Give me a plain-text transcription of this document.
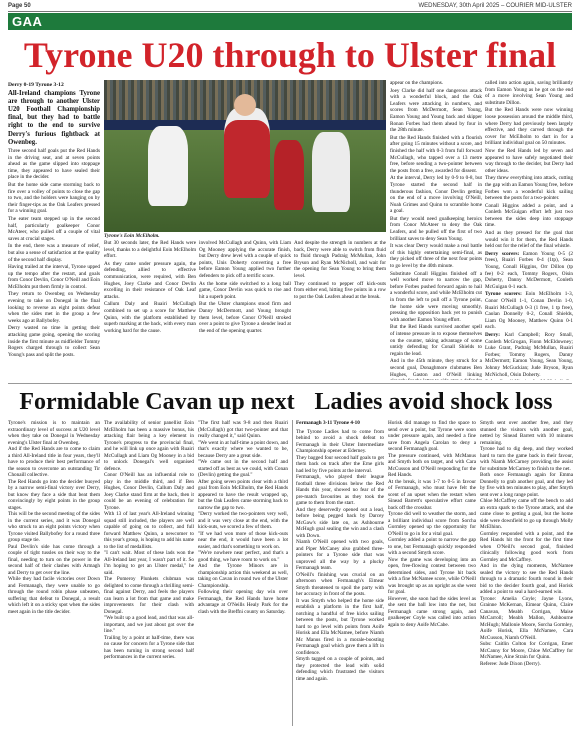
Page 50	WEDNESDAY, 30th April 2025 – COURIER MID-ULSTER
GAA
Tyrone U20 through to Ulster final

Derry 0-19 Tyrone 3-12

All-Ireland champions Tyrone are through to another Ulster U20 Football Championship final, but they had to battle right to the end to survive Derry's furious fightback at Owenbeg.

Three second half goals put the Red Hands in the driving seat, and at seven points ahead as the game slipped into stoppage time, they appeared to have sealed their place in the decider.

But the home side came storming back to fire over a volley of points to close the gap to two, and the holders were hanging on by their finger-tips as the Oak Leafers pressed for a winning goal.

The eater team stepped up in the second half, particularly goalkeeper Conor McAteer, who pulled off a couple of vital saves at crucial stages.

In the end, there was a measure of relief, but also a sense of satisfaction at the quality of the second half display.

Having trailed at the interval, Tyrone upped up the tempo after the restart, and goals from Conor Devlin, Conor O'Neill and Eoin McElholm put them firmly in control.

They return to Owenbeg on Wednesday evening to take on Donegal in the final looking to reverse an eight points defeat when the sides met in the group a few weeks ago at Ballybofey.

Derry wasted no time in getting their attacking game going, opening the scoring inside the first minute as midfielder Tommy Rogers charged through to collect Sean Young's pass and split the posts.

Tyrone's Eoin McElholm.

But 30 seconds later, the Red Hands were level, thanks to a delightful Eoin McElholm effort.

As they came under pressure again, the defending, allied to effective communication, were required, with Ben Hughes, Joey Clarke and Conor Devlin excelling in their resistance of Oak Leaf attacks.

Callum Daly and Ruairi McCullagh combined to set up a score for Matthew Quinn, with the platform established by superb marking at the back, with every man working hard for the cause.

involved McCullagh and Quinn, with Liam Og Mooney applying the accurate finish, but Derry drew level with a couple of quick points, Unis Doherty converting a free before Eamon Young applied two further defenders to pick off a terrific score.

As the home side switched to a long ball game, Conor Devlin was quick to rise and hit a superb point.

But the Ulster champions stood firm and Danny McDermott, and Young brought them level, before Conor O'Neill stroked over a point to give Tyrone a slender lead at the end of the opening quarter.

And despite the strength in numbers at the back, Derry were able to switch from fluid to fluid through Padraig McMullan, John Bryson and Ryan McNicholl, and wait for the opening for Sean Young to bring them level.

They continued to pepper off kick-outs from either end, hitting five points in a row to put the Oak Leafers ahead at the break.

appear on the champions.

Joey Clarke did half one dangerous attack with a wonderful block, and the Oak Leafers were attacking in numbers, and scores from McDermott, Sean Young, Eamon Young and Young back and skipper Ronan Forbes had them ahead by four in the 28th minute.

But the Red Hands finished with a flourish after going 15 minutes without a score, and finished the half with 0-3 from full forward McCullagh, who tapped over a 13 metre free, before sending a two-pointer between the posts from a free, awarded for dissent.

At the interval, Derry led by 0-9 to 0-8, but Tyrone started the second half in thunderous fashion, Conor Devlin getting on the end of a move involving O'Neill, Noah Grimes and Quinn to scramble home a goal.

But they would need goalkeeping heroics from Conor McAteer to deny the Oak Leafers, and he pulled off the first of two brilliant saves to deny Sean Young.

It was clear Derry would make a real battle of this highly entertaining semi-final, as they picked off three of the next four points to go level by the 40th minute.

Substitute Conall Higgins finished off a well worked move to narrow the gap, before Forbes pushed forward again to hail a wonderful score, and while McElholm cut in from the left to pull off a Tyrone point, the home side were moving smoothly, pressing the opposition back yet to punish with another Eamon Young effort.

But the Red Hands survived another spell of intense pressure in to expose themselves on the counter, taking advantage of some untidy defending for Conall Shields to regain the lead.

And in the 45th minute, they struck for a second goal, Donaghmore clubmates Ben Hughes, Gaston and O'Neill linking

called into action again, saving brilliantly from Eamon Young as he got on the end of a move involving Sean Young and substitute Dillon.

But the Red Hands were now winning loose possession around the middle third, where Derry had previously been largely effective, and they carved through the cover for McElholm to dart in for a brilliant individual goal on 50 minutes.

Now the Red Hands led by seven and appeared to have safely negotiated their way through to the decider, but Derry had other ideas.

They threw everything into attack, cutting the gap with an Eamon Young free, before Forbes won a wonderful kick sailing between the posts for a two-pointer.

Conall Higgins added a point, and a Conleth McGuigan effort left just two between the sides deep into stoppage time.

And as they pressed for the goal that would win it for them, the Red Hands held out for the relief of the final whistle.

Derry scorers: Eamon Young 0-5 (2 frees), Ruairi Forbes 0-4 (1tp), Sean Young, Conall Higgins, Orr Dillon (tp fee) 0-2 each, Tommy Rogers, Oisin Doherty, Danny McDermott, Conleth McGuigan 0-1 each.

Tyrone scorers: Eoin McElholm 1-3, Conor O'Neill 1-1, Conan Devlin 1-0, Ruairi McCullagh 0-3 (1 free, 1 tp free), Caolan Donnelly 0-2, Conall Shields, Liam Og Mooney, Matthew Quinn 0-1 each.

Derry: Karl Campbell; Rory Small, Conleth McGrogan, Fionn McEldowney; Luke Grant, Padraig McMullan, Ruairi Forbes; Tommy Rogers, Danny McDermott; Eamon Young, Sean Young, Johnny McGuckian; Jude Bryson, Ryan McNicholl, Oisin Doherty.

Formidable Cavan up next Ladies avoid shock loss

Tyrone's mission is to maintain an extraordinary level of success at U20 level when they take on Donegal in Wednesday evening's Ulster final at Owenbeg.

And if the Red Hands are to come to claim a third All-Ireland title in four years, they'll have to produce their best performance of the season to overcome an outstanding Tir Chonaill collective.

The Red Hands go into the decider buoyed by a narrow semi-final victory over Derry, but know they face a side that beat them convincingly by eight points in the group stages.

This will be the second meeting of the sides in the current series, and it was Donegal who struck to an eight points victory when Tyrone visited Ballybofey for a round three group stage tie.

Paul Devlin's side has come through a couple of tight tussles on their way to the final, needing to turn on the power in the second half of their clashes with Armagh and Derry to get over the line.

While they had facile victories over Down and Fermanagh, they were unable to go through the round robin phase unbeaten, suffering that defeat to Donegal, a result which left it on a sticky spot when the sides meet again in the title decider.

The availability of senior panellist Eoin McElholm has been a massive bonus, his attacking flair being a key element in Tyrone's progress to the provincial final, and he will link up once again with Ruairi McCullagh and Liam Og Mooney in a bid to unlock Donegal's well organised defence.

Conor O'Neill has an influential role to play in the middle third, and if Ben Hughes, Conor Devlin, Callum Daly and Joey Clarke stand firm at the back, then it could be an evening of celebration for Tyrone.

With 13 of last year's All-Ireland winning squad still included, the players are well capable of going on to collect, and full forward Matthew Quinn, a newcomer to this year's group, is hoping to add his name to the list of medallists.

"I can't wait. Most of these lads won the All-Ireland last year, I wasn't part of it. So I'm hoping to get an Ulster medal," he said.

The Pomeroy Plunkets clubman was delighted to come through a thrilling semi-final against Derry, and feels the players can learn a lot from that game and make improvements for their clash with Donegal.

"We built up a good lead, and that was all-important, and we just about got over the line."

Trailing by a point at half-time, there was no cause for concern for a Tyrone side that has been turning in strong second half performances in the current series.

"The first half was 9-8 and then Ruairi (McCullagh) got that two-pointer and that really changed it," said Quinn.

"We went in at half-time a point down, and that's exactly where we wanted to be, because Derry are a great side.

"We came out in the second half and started off as best as we could, with Conan (Devlin) getting the goal."

After going seven points clear with a third goal from Eoin McElholm, the Red Hands appeared to have the result wrapped up, but the Oak Leafers came storming back to narrow the gap to two.

"Derry worked the two-pointers very well, and it was very close at the end, with the kick-outs, we scored a few of them.

"If we had won more of those kick-outs near the end, it would have been a lot easier, and that's something to work on.

"We're nowhere near perfect, and that's a good thing, we have room to work on."

And the Tyrone Minors are in championship action this weekend as well, taking on Cavan in round two of the Ulster Championship.

Following their opening day win over Fermanagh, the Red Hands have home advantage at O'Neills Healy Park for the clash with the Breffni county on Saturday.

Fermanagh 3-11 Tyrone 4-10

The Tyrone Ladies had to come from behind to avoid a shock defeat to Fermanagh in their Ulster Intermediate Championship opener at Ederney.

They bagged four second half goals to get them back on track after the Erne girls had led by five points at the interval.

Fermanagh, who played their league football three divisions below the Red Hands this year, showed no fear of the pre-match favourites as they took the game to them from the start.

And they deservedly opened out a lead, before being pegged back by Darcey McGaw's side late on, as Ashbourne McHugh goal sealing the win and a clash with Down.

Niamh O'Neill opened with two goals, and Piper McCaney also grabbed three-pointers for a Tyrone side that was unproved all the way by a plucky Fermanagh team.

O'Neill's finishing was crucial on an afternoon when Fermanagh's Eimear Smyth threatened to spoil the party with her accuracy in front of the posts.

It was Smyth who helped the home side establish a platform in the first half, notching a handful of free kicks sailing between the posts, but Tyrone worked hard to go level with points from Aoife Horisk and Ella McNamee, before Niamh Mc Manus fired in a morale-boosting Fermanagh goal which gave them a lift in confidence.

Smyth tagged on a couple of points, and they protected the lead with solid defending which frustrated the visitors time and again.

Horisk did manage to find the space to send over a point, but Tyrone were soon under pressure again, and needed a fine save from Angela Carolan to deny a second Fermanagh goal.

The pressure continued, with McManus and Smyth both on target, and with Cara McCusson and O'Neill responding for the Red Hands.

At the break, it was 1-7 to 0-5 in favour of Fermanagh, who must have felt the scent of an upset when the restart when Sinead Barrett's speculative effort came back off the crossbar.

Tyrone did well to weather the storm, and a brilliant individual score from Sorcha Gormley opened up the opportunity for O'Neill to go in for a vital goal.

Gormley added a point to narrow the gap to one, but Fermanagh quickly responded with a second Smyth score.

Now the game was developing into an open, free-flowing contest between two determined sides, and Tyrone hit back with a fine McNamee score, while O'Neill was brought up as an upright as she went for goal.

However, she soon had the sides level as she sent the ball low into the net, but Fermanagh came strong again, and goalkeeper Coyle was called into action again to deny Aoife McCabe.

Smyth sent over another free, and they stunned the visitors with another goal, netted by Sinead Barrett with 10 minutes remaining.

Tyrone had to dig deep, and they worked hard to turn the game back in their favour, with Niamh McCarney providing the assist for substitute McCarney to finish to the net.

Both once Fermanagh again for Emma Donnelly to grab another goal, and they led by five with ten minutes to play, after Smyth sent over a long range point.

Chloe McCaffrey came off the bench to add an extra spark to the Tyrone attack, and she came close to getting a goal, but the home side were downfield to go up through Molly McElhinn.

Gormley responded with a point, and the Red Hands hit the front for the first time when O'Neill's second goal, finished clinically following good work from Gormley and McCaffrey.

And in the dying moments, McNamee sealed the victory to see the Red Hands through to a dramatic fourth round in their bid to the decider fourth goal, and Horisk added a point to seal a hard-earned win.

Tyrone: Amelia Coyle; Jayne Lyons, Grainne McKernan, Eimear Quinn, Claire Canavan, Meabh Corrigan, Maise McCarroll; Meabh Mallon, Ashbourne McHugh; Mallonie Moore, Sorcha Gormley, Aoife Horisk, Ella McNamee, Cara McCusson, Niamh O'Neill.

Subs: Caitlin Colton for Corrigan, Emer McCanny for Moore, Chloe McCaffrey for McNamee, Aine Strain for Quinn.

Referee: Jude Dixon (Derry).
